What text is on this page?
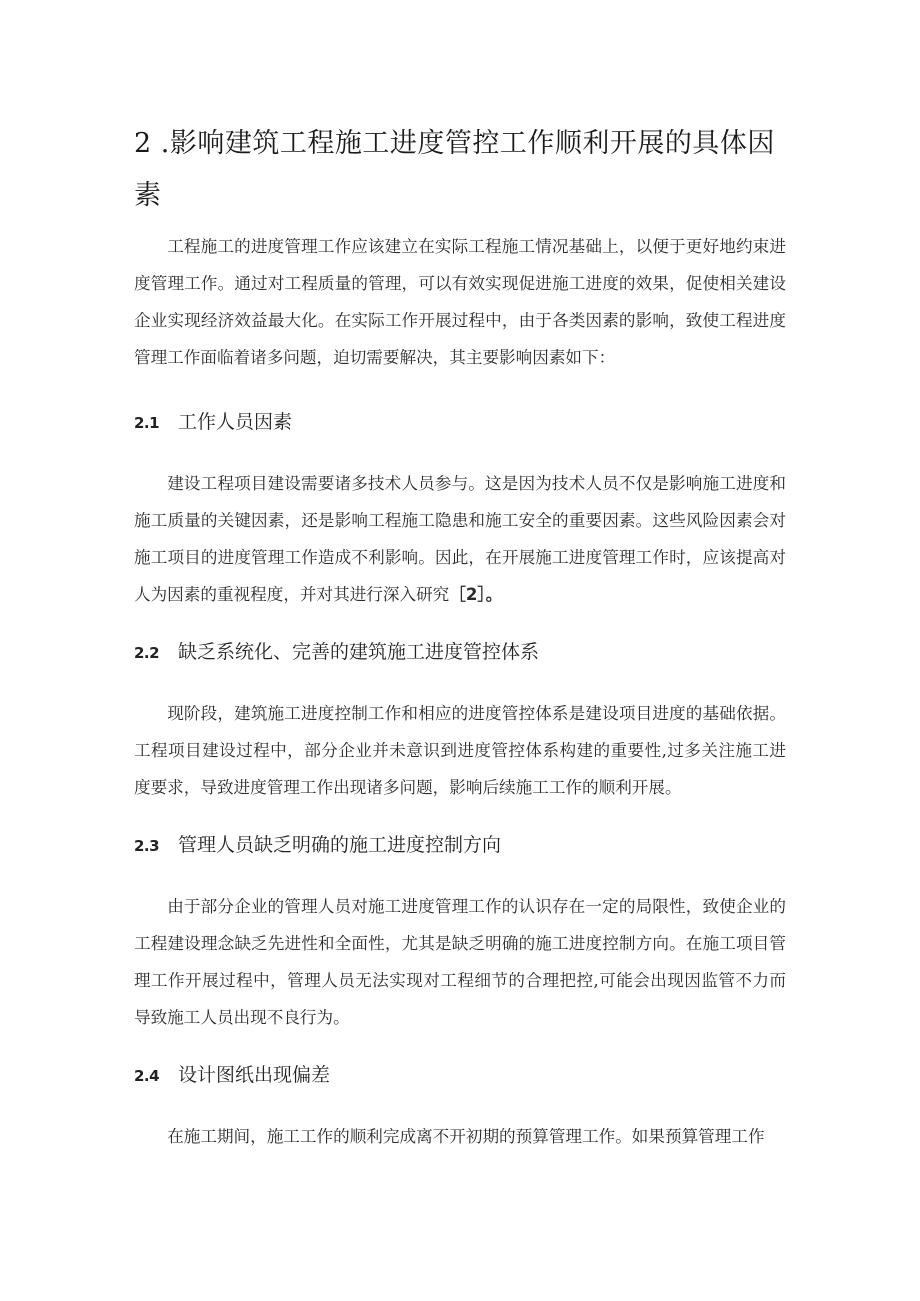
2 .影响建筑工程施工进度管控工作顺利开展的具体因素
工程施工的进度管理工作应该建立在实际工程施工情况基础上，以便于更好地约束进度管理工作。通过对工程质量的管理，可以有效实现促进施工进度的效果，促使相关建设企业实现经济效益最大化。在实际工作开展过程中，由于各类因素的影响，致使工程进度管理工作面临着诸多问题，迫切需要解决，其主要影响因素如下：
2.1 工作人员因素
建设工程项目建设需要诸多技术人员参与。这是因为技术人员不仅是影响施工进度和施工质量的关键因素，还是影响工程施工隐患和施工安全的重要因素。这些风险因素会对施工项目的进度管理工作造成不利影响。因此，在开展施工进度管理工作时，应该提高对人为因素的重视程度，并对其进行深入研究［2］。
2.2 缺乏系统化、完善的建筑施工进度管控体系
现阶段，建筑施工进度控制工作和相应的进度管控体系是建设项目进度的基础依据。工程项目建设过程中，部分企业并未意识到进度管控体系构建的重要性,过多关注施工进度要求，导致进度管理工作出现诸多问题，影响后续施工工作的顺利开展。
2.3 管理人员缺乏明确的施工进度控制方向
由于部分企业的管理人员对施工进度管理工作的认识存在一定的局限性，致使企业的工程建设理念缺乏先进性和全面性，尤其是缺乏明确的施工进度控制方向。在施工项目管理工作开展过程中，管理人员无法实现对工程细节的合理把控,可能会出现因监管不力而导致施工人员出现不良行为。
2.4 设计图纸出现偏差
在施工期间，施工工作的顺利完成离不开初期的预算管理工作。如果预算管理工作
